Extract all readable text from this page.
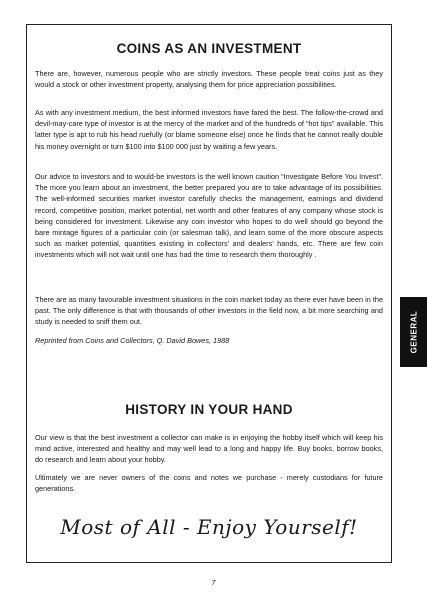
COINS AS AN INVESTMENT

There are, however, numerous people who are strictly investors. These people treat coins just as they would a stock or other investment property, analysing them for price appreciation possibilities.

As with any investment medium, the best informed investors have fared the best. The follow-the-crowd and devil-may-care type of investor is at the mercy of the market and of the hundreds of “hot tips” available. This latter type is apt to rub his head ruefully (or blame someone else) once he finds that he cannot really double his money overnight or turn $100 into $100 000 just by waiting a few years.

Our advice to investors and to would-be investors is the well known caution “Investigate Before You Invest”. The more you learn about an investment, the better prepared you are to take advantage of its possibilities. The well-informed securities market investor carefully checks the management, earnings and dividend record, competitive position, market potential, net worth and other features of any company whose stock is being considered for investment. Likewise any coin investor who hopes to do well should go beyond the bare mintage figures of a particular coin (or salesman talk), and learn some of the more obscure aspects such as market potential, quantities existing in collectors’ and dealers’ hands, etc. There are few coin investments which will not wait until one has had the time to research them thoroughly .

There are as many favourable investment situations in the coin market today as there ever have been in the past. The only difference is that with thousands of other investors in the field now, a bit more searching and study is needed to sniff them out.

Reprinted from Coins and Collectors, Q. David Bowes, 1988

HISTORY IN YOUR HAND

Our view is that the best investment a collector can make is in enjoying the hobby itself which will keep his mind active, interested and healthy and may well lead to a long and happy life. Buy books, borrow books, do research and learn about your hobby.

Ultimately we are never owners of the coins and notes we purchase - merely custodians for future generations.

Most of All - Enjoy Yourself!
GENERAL
7
